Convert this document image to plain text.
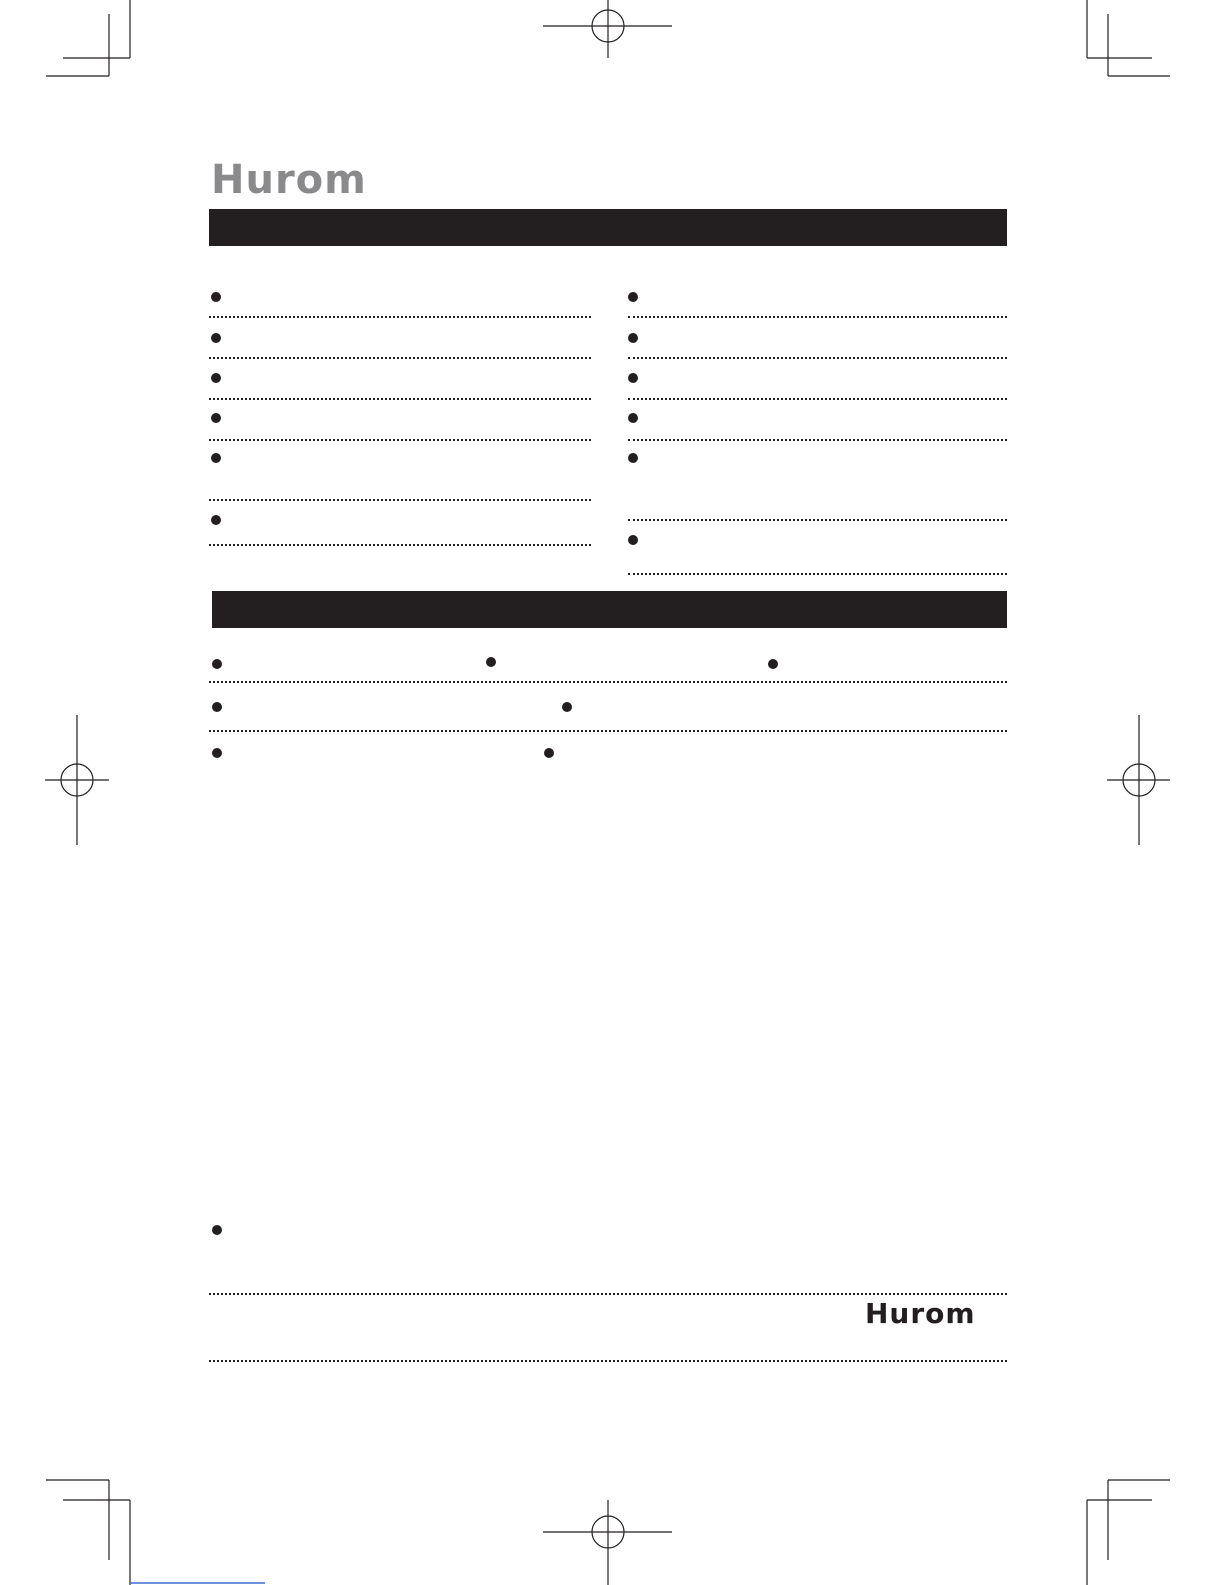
Hurom
Hurom
